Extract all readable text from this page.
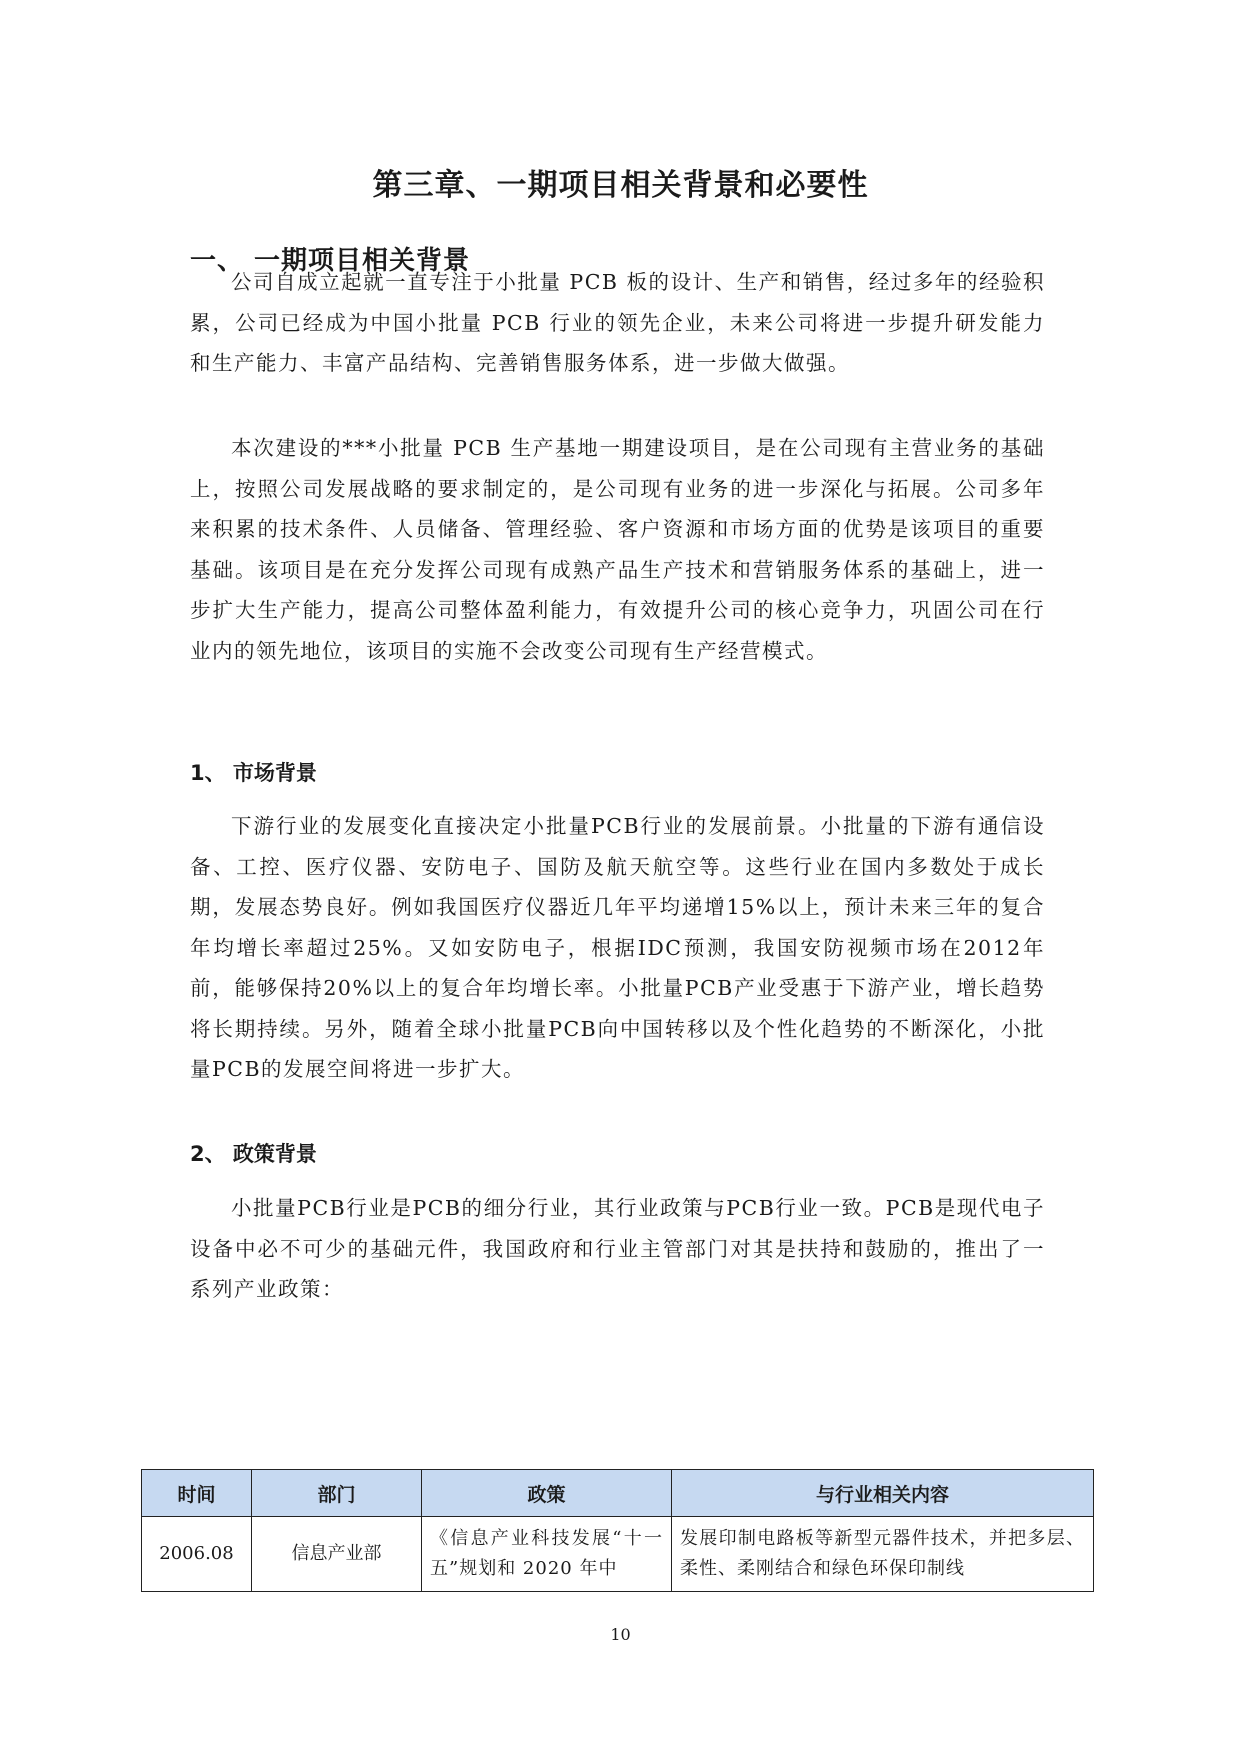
第三章、一期项目相关背景和必要性
一、 一期项目相关背景

公司自成立起就一直专注于小批量 PCB 板的设计、生产和销售，经过多年的经验积累，公司已经成为中国小批量 PCB 行业的领先企业，未来公司将进一步提升研发能力和生产能力、丰富产品结构、完善销售服务体系，进一步做大做强。

本次建设的***小批量 PCB 生产基地一期建设项目，是在公司现有主营业务的基础上，按照公司发展战略的要求制定的，是公司现有业务的进一步深化与拓展。公司多年来积累的技术条件、人员储备、管理经验、客户资源和市场方面的优势是该项目的重要基础。该项目是在充分发挥公司现有成熟产品生产技术和营销服务体系的基础上，进一步扩大生产能力，提高公司整体盈利能力，有效提升公司的核心竞争力，巩固公司在行业内的领先地位，该项目的实施不会改变公司现有生产经营模式。

1、 市场背景

下游行业的发展变化直接决定小批量PCB行业的发展前景。小批量的下游有通信设备、工控、医疗仪器、安防电子、国防及航天航空等。这些行业在国内多数处于成长期，发展态势良好。例如我国医疗仪器近几年平均递增15%以上，预计未来三年的复合年均增长率超过25%。又如安防电子，根据IDC预测，我国安防视频市场在2012年前，能够保持20%以上的复合年均增长率。小批量PCB产业受惠于下游产业，增长趋势将长期持续。另外，随着全球小批量PCB向中国转移以及个性化趋势的不断深化，小批量PCB的发展空间将进一步扩大。

2、 政策背景

小批量PCB行业是PCB的细分行业，其行业政策与PCB行业一致。PCB是现代电子设备中必不可少的基础元件，我国政府和行业主管部门对其是扶持和鼓励的，推出了一系列产业政策：

时间	部门	政策	与行业相关内容
2006.08	信息产业部	《信息产业科技发展“十一五”规划和 2020 年中	发展印制电路板等新型元器件技术，并把多层、柔性、柔刚结合和绿色环保印制线
10
